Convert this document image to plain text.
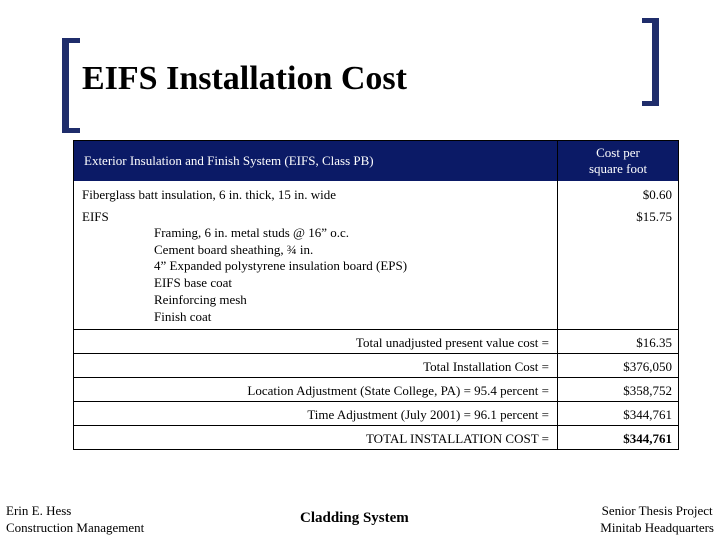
EIFS Installation Cost
Exterior Insulation and Finish System (EIFS, Class PB)
Cost per
square foot
Fiberglass batt insulation, 6 in. thick, 15 in. wide	$0.60
EIFS	$15.75
Framing, 6 in. metal studs @ 16” o.c.
Cement board sheathing, ¾ in.
4” Expanded polystyrene insulation board (EPS)
EIFS base coat
Reinforcing mesh
Finish coat
Total unadjusted present value cost =	$16.35
Total Installation Cost =	$376,050
Location Adjustment (State College, PA) = 95.4 percent =	$358,752
Time Adjustment (July 2001) = 96.1 percent =	$344,761
TOTAL INSTALLATION COST =	$344,761
Erin E. Hess
Construction Management
Cladding System	Senior Thesis Project
Minitab Headquarters
